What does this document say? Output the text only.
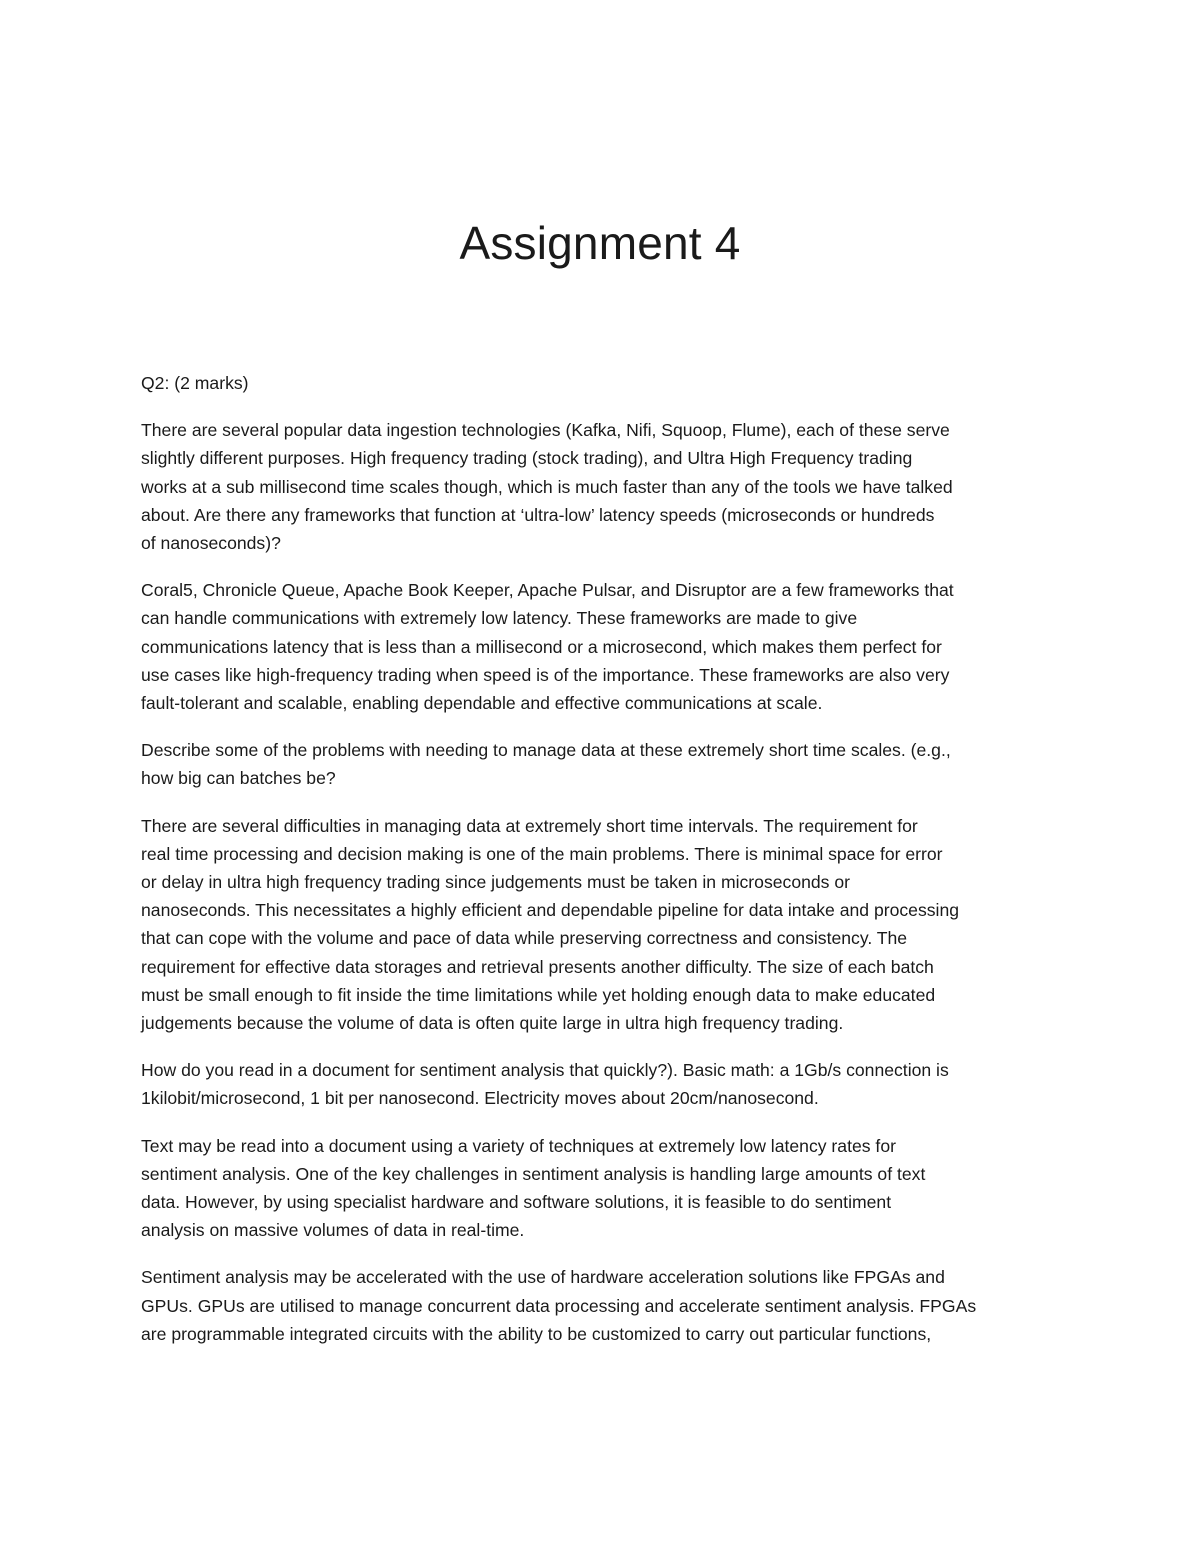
Assignment 4

Q2: (2 marks)

There are several popular data ingestion technologies (Kafka, Nifi, Squoop, Flume), each of these serve
slightly different purposes. High frequency trading (stock trading), and Ultra High Frequency trading
works at a sub millisecond time scales though, which is much faster than any of the tools we have talked
about. Are there any frameworks that function at ‘ultra-low’ latency speeds (microseconds or hundreds
of nanoseconds)?

Coral5, Chronicle Queue, Apache Book Keeper, Apache Pulsar, and Disruptor are a few frameworks that
can handle communications with extremely low latency. These frameworks are made to give
communications latency that is less than a millisecond or a microsecond, which makes them perfect for
use cases like high-frequency trading when speed is of the importance. These frameworks are also very
fault-tolerant and scalable, enabling dependable and effective communications at scale.

Describe some of the problems with needing to manage data at these extremely short time scales. (e.g.,
how big can batches be?

There are several difficulties in managing data at extremely short time intervals. The requirement for
real time processing and decision making is one of the main problems. There is minimal space for error
or delay in ultra high frequency trading since judgements must be taken in microseconds or
nanoseconds. This necessitates a highly efficient and dependable pipeline for data intake and processing
that can cope with the volume and pace of data while preserving correctness and consistency. The
requirement for effective data storages and retrieval presents another difficulty. The size of each batch
must be small enough to fit inside the time limitations while yet holding enough data to make educated
judgements because the volume of data is often quite large in ultra high frequency trading.

How do you read in a document for sentiment analysis that quickly?). Basic math: a 1Gb/s connection is
1kilobit/microsecond, 1 bit per nanosecond. Electricity moves about 20cm/nanosecond.

Text may be read into a document using a variety of techniques at extremely low latency rates for
sentiment analysis. One of the key challenges in sentiment analysis is handling large amounts of text
data. However, by using specialist hardware and software solutions, it is feasible to do sentiment
analysis on massive volumes of data in real-time.

Sentiment analysis may be accelerated with the use of hardware acceleration solutions like FPGAs and
GPUs. GPUs are utilised to manage concurrent data processing and accelerate sentiment analysis. FPGAs
are programmable integrated circuits with the ability to be customized to carry out particular functions,
